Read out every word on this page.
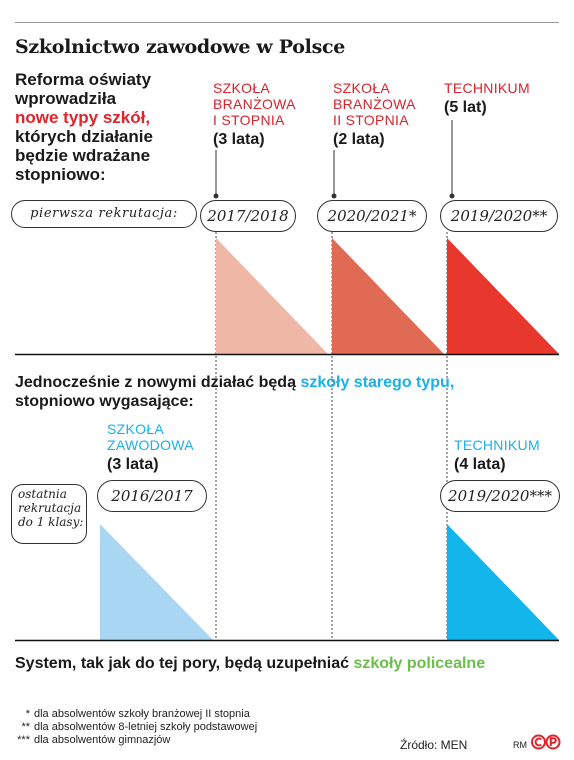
Szkolnictwo zawodowe w Polsce
Reforma oświaty
wprowadziła
nowe typy szkół,
których działanie
będzie wdrażane
stopniowo:
SZKOŁA
BRANŻOWA
I STOPNIA
(3 lata)
SZKOŁA
BRANŻOWA
II STOPNIA
(2 lata)
TECHNIKUM
(5 lat)
pierwsza rekrutacja:	2017/2018	2020/2021*	2019/2020**
Jednocześnie z nowymi działać będą szkoły starego typu,
stopniowo wygasające:
SZKOŁA
ZAWODOWA
(3 lata)
TECHNIKUM
(4 lata)
ostatnia
rekrutacja
do 1 klasy:
2016/2017	2019/2020***
System, tak jak do tej pory, będą uzupełniać szkoły policealne
* dla absolwentów szkoły branżowej II stopnia
** dla absolwentów 8-letniej szkoły podstawowej
*** dla absolwentów gimnazjów	Źródło: MEN	RM
